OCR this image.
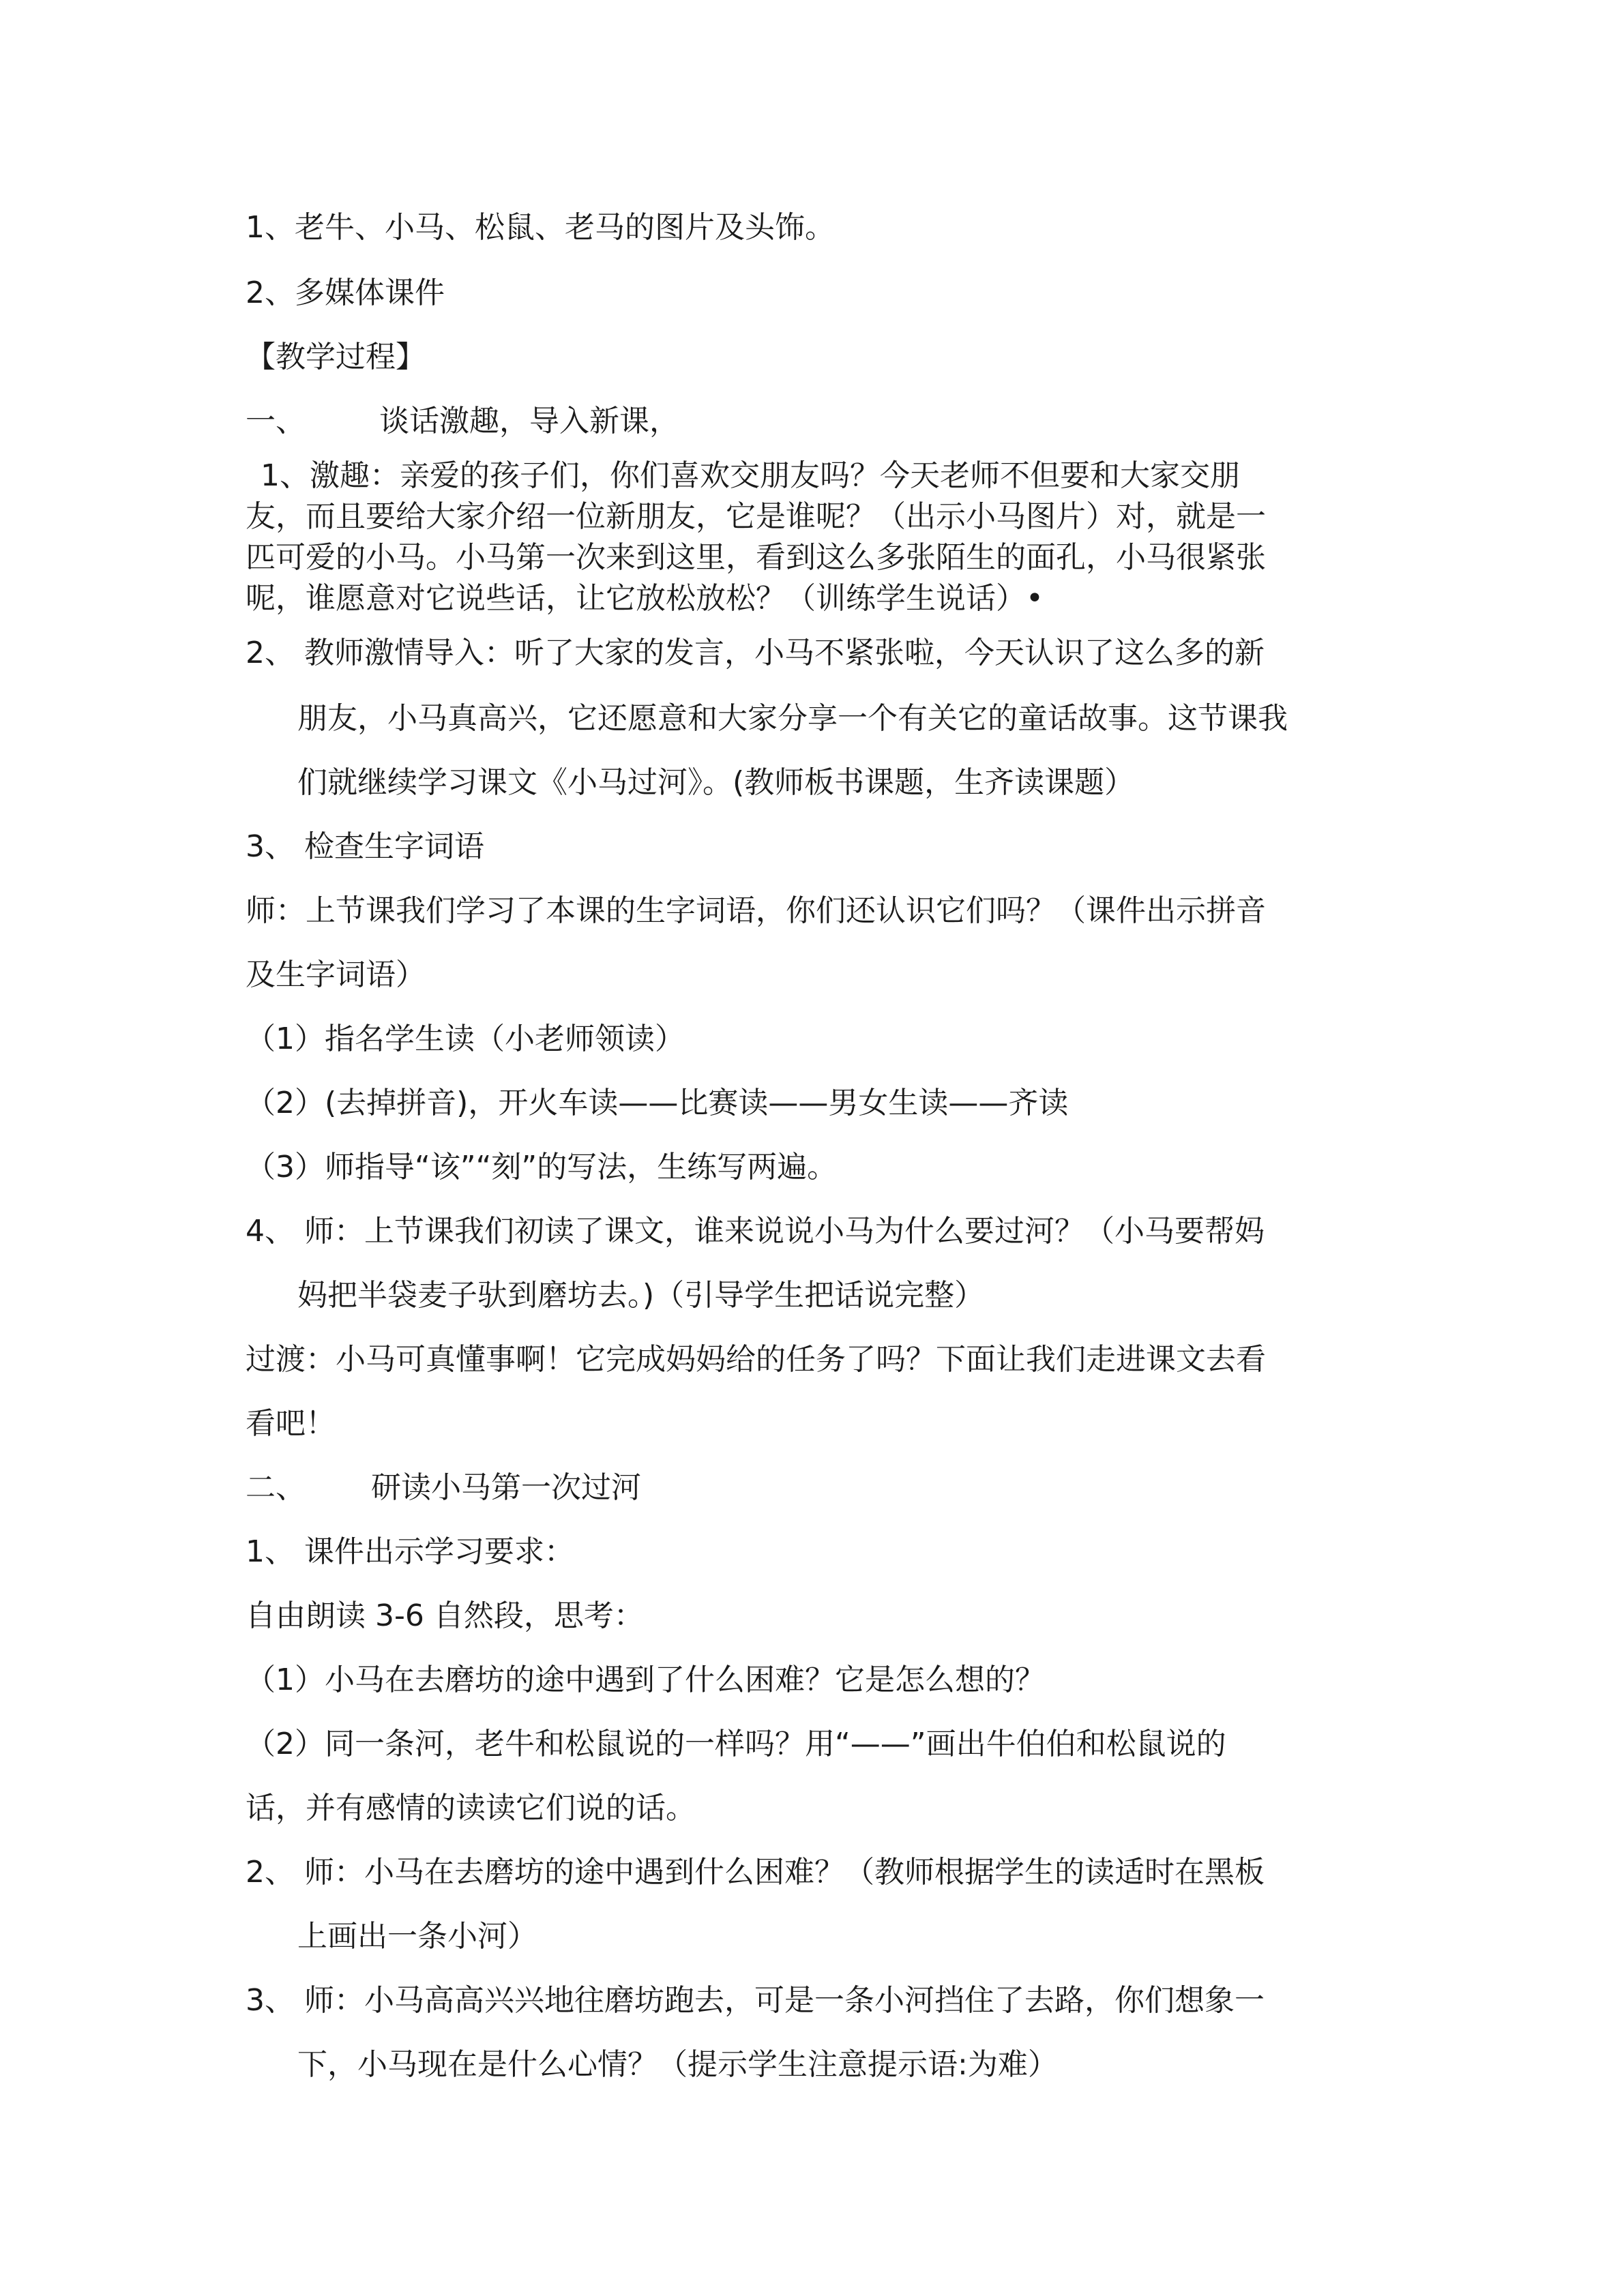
1、老牛、小马、松鼠、老马的图片及头饰。
2、多媒体课件
【教学过程】
一、 谈话激趣，导入新课，
1、激趣：亲爱的孩子们，你们喜欢交朋友吗？今天老师不但要和大家交朋
友，而且要给大家介绍一位新朋友，它是谁呢？（出示小马图片）对，就是一
匹可爱的小马。小马第一次来到这里，看到这么多张陌生的面孔，小马很紧张
呢，谁愿意对它说些话，让它放松放松？（训练学生说话）•
2、 教师激情导入：听了大家的发言，小马不紧张啦，今天认识了这么多的新
朋友，小马真高兴，它还愿意和大家分享一个有关它的童话故事。这节课我
们就继续学习课文《小马过河》。(教师板书课题，生齐读课题）
3、 检查生字词语
师：上节课我们学习了本课的生字词语，你们还认识它们吗？（课件出示拼音
及生字词语）
（1）指名学生读（小老师领读）
（2）(去掉拼音)，开火车读——比赛读——男女生读——齐读
（3）师指导“该”“刻”的写法，生练写两遍。
4、 师：上节课我们初读了课文，谁来说说小马为什么要过河？（小马要帮妈
妈把半袋麦子驮到磨坊去。)（引导学生把话说完整）
过渡：小马可真懂事啊！它完成妈妈给的任务了吗？下面让我们走进课文去看
看吧！
二、 研读小马第一次过河
1、 课件出示学习要求：
自由朗读 3-6 自然段，思考：
（1）小马在去磨坊的途中遇到了什么困难？它是怎么想的？
（2）同一条河，老牛和松鼠说的一样吗？用“——”画出牛伯伯和松鼠说的
话，并有感情的读读它们说的话。
2、 师：小马在去磨坊的途中遇到什么困难？（教师根据学生的读适时在黑板
上画出一条小河）
3、 师：小马高高兴兴地往磨坊跑去，可是一条小河挡住了去路，你们想象一
下，小马现在是什么心情？（提示学生注意提示语:为难）
